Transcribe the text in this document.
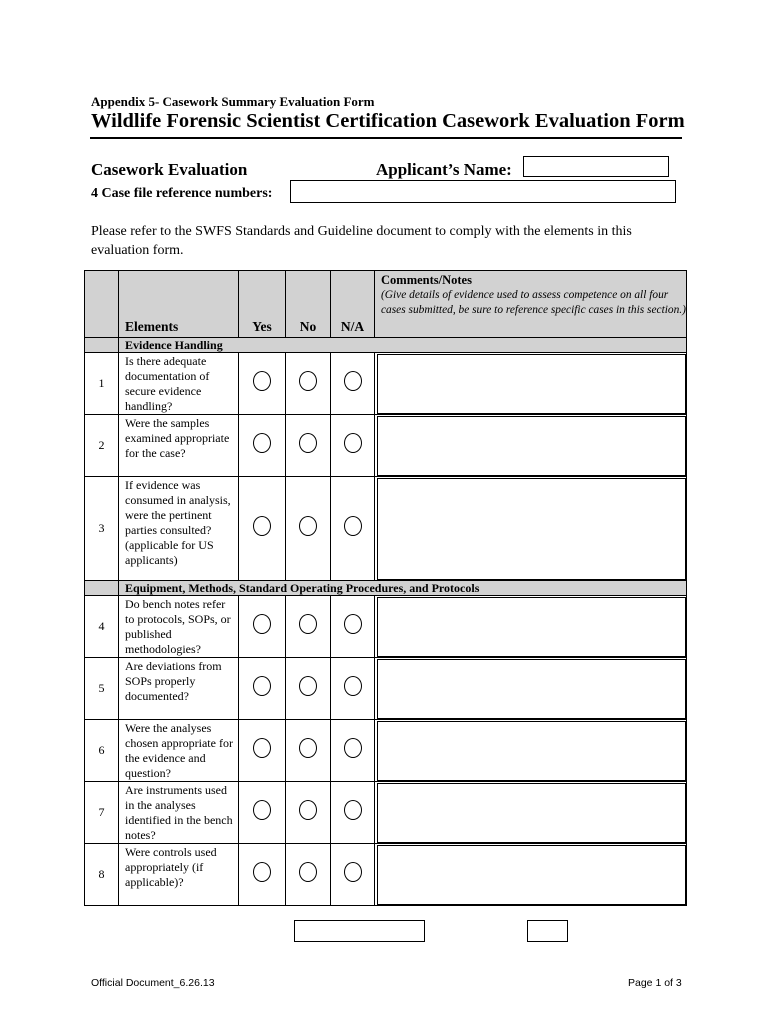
Appendix 5- Casework Summary Evaluation Form
Wildlife Forensic Scientist Certification Casework Evaluation Form
Casework Evaluation	Applicant’s Name:
4 Case file reference numbers:
Please refer to the SWFS Standards and Guideline document to comply with the elements in this evaluation form.

	Elements	Yes	No	N/A	Comments/Notes
(Give details of evidence used to assess competence on all four cases submitted, be sure to reference specific cases in this section.)

	Evidence Handling				

1	Is there adequate documentation of secure evidence handling?				

2	Were the samples examined appropriate for the case?				

3	If evidence was consumed in analysis, were the pertinent parties consulted? (applicable for US applicants)				

	Equipment, Methods, Standard Operating Procedures, and Protocols				

4	Do bench notes refer to protocols, SOPs, or published methodologies?				

5	Are deviations from SOPs properly documented?				

6	Were the analyses chosen appropriate for the evidence and question?				

7	Are instruments used in the analyses identified in the bench notes?				

8	Were controls used appropriately (if applicable)?				
Official Document_6.26.13	Page 1 of 3
